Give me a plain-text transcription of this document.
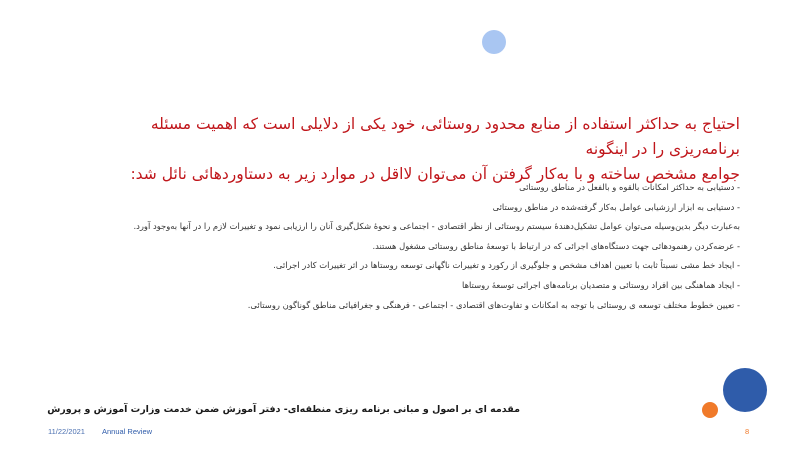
احتیاج به حداکثر استفاده از منابع محدود روستائی، خود یکی از دلایلی است که اهمیت مسئله برنامه‌ریزی را در اینگونه
جوامع مشخص ساخته و با به‌کار گرفتن آن می‌توان لااقل در موارد زیر به دستاوردهائی نائل شد:
- دستیابی به حداکثر امکانات بالقوه و بالفعل در مناطق روستائی
- دستیابی به ابزار ارزشیابی عوامل به‌کار گرفته‌شده در مناطق روستائی
به‌عبارت دیگر بدین‌وسیله می‌توان عوامل تشکیل‌دهندهٔ سیستم روستائی از نظر اقتصادی - اجتماعی و نحوهٔ شکل‌گیری آنان را ارزیابی نمود و تغییرات لازم را در آنها به‌وجود آورد.
- عرضه‌کردن رهنمودهائی جهت دستگاه‌های اجرائی که در ارتباط با توسعهٔ مناطق روستائی مشغول هستند.
- ایجاد خط مشی نسبتاً ثابت با تعیین اهداف مشخص و جلوگیری از رکورد و تغییرات ناگهانی توسعه روستاها در اثر تغییرات کادر اجرائی.
- ایجاد هماهنگی بین افراد روستائی و متصدیان برنامه‌های اجرائی توسعهٔ روستاها
- تعیین خطوط مختلف توسعه ی روستائی با توجه به امکانات و تفاوت‌های اقتصادی - اجتماعی - فرهنگی و جغرافیائی مناطق گوناگون روستائی.
مقدمه ای بر اصول و مبانی برنامه ریزی منطقه‌ای- دفتر آموزش ضمن خدمت وزارت آموزش و پرورش
11/22/2021 Annual Review	8
